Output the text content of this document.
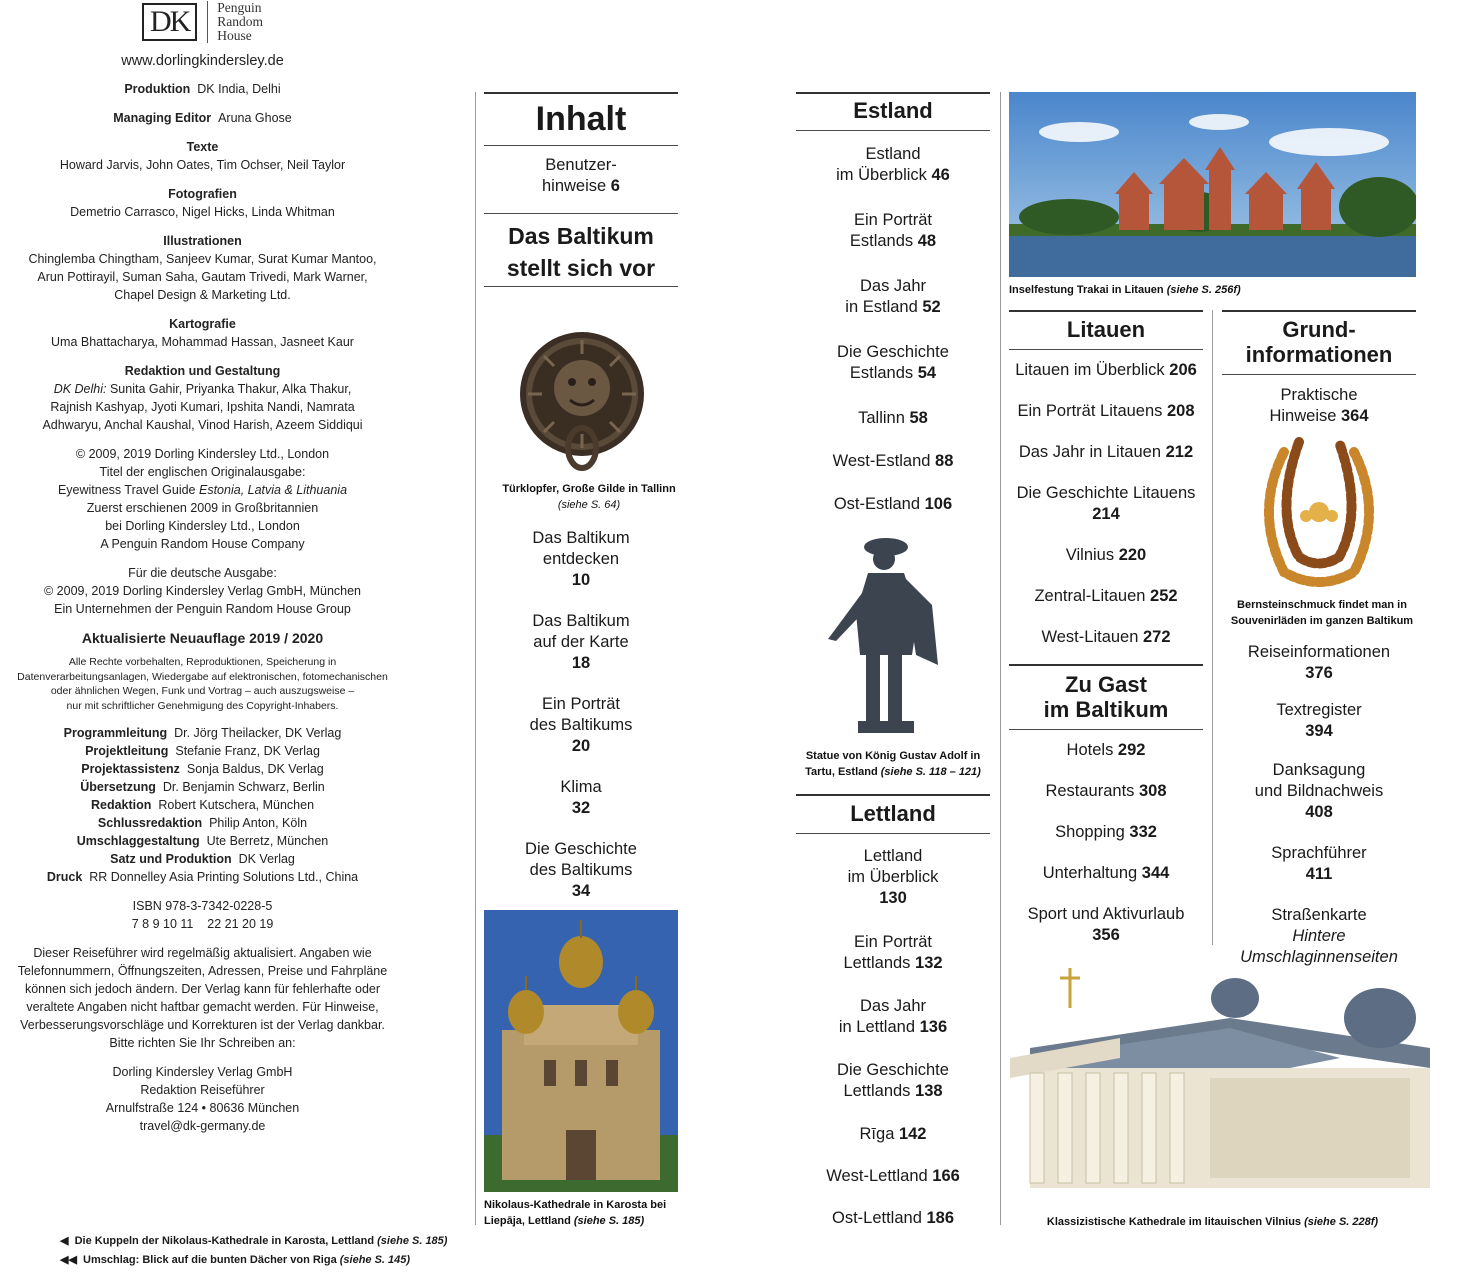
DK	Penguin
Random
House
www.dorlingkindersley.de
Produktion DK India, Delhi
Managing Editor Aruna Ghose
Texte
Howard Jarvis, John Oates, Tim Ochser, Neil Taylor
Fotografien
Demetrio Carrasco, Nigel Hicks, Linda Whitman
Illustrationen
Chinglemba Chingtham, Sanjeev Kumar, Surat Kumar Mantoo,
Arun Pottirayil, Suman Saha, Gautam Trivedi, Mark Warner,
Chapel Design & Marketing Ltd.
Kartografie
Uma Bhattacharya, Mohammad Hassan, Jasneet Kaur
Redaktion und Gestaltung
DK Delhi: Sunita Gahir, Priyanka Thakur, Alka Thakur,
Rajnish Kashyap, Jyoti Kumari, Ipshita Nandi, Namrata
Adhwaryu, Anchal Kaushal, Vinod Harish, Azeem Siddiqui
© 2009, 2019 Dorling Kindersley Ltd., London
Titel der englischen Originalausgabe:
Eyewitness Travel Guide Estonia, Latvia & Lithuania
Zuerst erschienen 2009 in Großbritannien
bei Dorling Kindersley Ltd., London
A Penguin Random House Company
Für die deutsche Ausgabe:
© 2009, 2019 Dorling Kindersley Verlag GmbH, München
Ein Unternehmen der Penguin Random House Group
Aktualisierte Neuauflage 2019 / 2020
Alle Rechte vorbehalten, Reproduktionen, Speicherung in
Datenverarbeitungsanlagen, Wiedergabe auf elektronischen, fotomechanischen
oder ähnlichen Wegen, Funk und Vortrag – auch auszugsweise –
nur mit schriftlicher Genehmigung des Copyright-Inhabers.
Programmleitung Dr. Jörg Theilacker, DK Verlag
Projektleitung Stefanie Franz, DK Verlag
Projektassistenz Sonja Baldus, DK Verlag
Übersetzung Dr. Benjamin Schwarz, Berlin
Redaktion Robert Kutschera, München
Schlussredaktion Philip Anton, Köln
Umschlaggestaltung Ute Berretz, München
Satz und Produktion DK Verlag
Druck RR Donnelley Asia Printing Solutions Ltd., China
ISBN 978-3-7342-0228-5
7 8 9 10 11    22 21 20 19
Dieser Reiseführer wird regelmäßig aktualisiert. Angaben wie
Telefonnummern, Öffnungszeiten, Adressen, Preise und Fahrpläne
können sich jedoch ändern. Der Verlag kann für fehlerhafte oder
veraltete Angaben nicht haftbar gemacht werden. Für Hinweise,
Verbesserungsvorschläge und Korrekturen ist der Verlag dankbar.
Bitte richten Sie Ihr Schreiben an:
Dorling Kindersley Verlag GmbH
Redaktion Reiseführer
Arnulfstraße 124 • 80636 München
travel@dk-germany.de
◀  Die Kuppeln der Nikolaus-Kathedrale in Karosta, Lettland (siehe S. 185)
◀◀  Umschlag: Blick auf die bunten Dächer von Riga (siehe S. 145)
Inhalt
Benutzer-
hinweise 6
Das Baltikum
stellt sich vor
Türklopfer, Große Gilde in Tallinn
(siehe S. 64)
Das Baltikum
entdecken
10
Das Baltikum
auf der Karte
18
Ein Porträt
des Baltikums
20
Klima
32
Die Geschichte
des Baltikums
34
Nikolaus-Kathedrale in Karosta bei Liepāja, Lettland (siehe S. 185)
Estland
Estland
im Überblick 46
Ein Porträt
Estlands 48
Das Jahr
in Estland 52
Die Geschichte
Estlands 54
Tallinn 58
West-Estland 88
Ost-Estland 106
Statue von König Gustav Adolf in Tartu, Estland (siehe S. 118 – 121)
Lettland
Lettland
im Überblick
130
Ein Porträt
Lettlands 132
Das Jahr
in Lettland 136
Die Geschichte
Lettlands 138
Rīga 142
West-Lettland 166
Ost-Lettland 186
Inselfestung Trakai in Litauen (siehe S. 256f)
Litauen
Litauen im Überblick 206
Ein Porträt Litauens 208
Das Jahr in Litauen 212
Die Geschichte Litauens
214
Vilnius 220
Zentral-Litauen 252
West-Litauen 272
Zu Gast
im Baltikum
Hotels 292
Restaurants 308
Shopping 332
Unterhaltung 344
Sport und Aktivurlaub
356
Grund-
informationen
Praktische
Hinweise 364
Bernsteinschmuck findet man in Souvenirläden im ganzen Baltikum
Reiseinformationen
376
Textregister
394
Danksagung
und Bildnachweis
408
Sprachführer
411
Straßenkarte
Hintere Umschlaginnenseiten
Klassizistische Kathedrale im litauischen Vilnius (siehe S. 228f)
